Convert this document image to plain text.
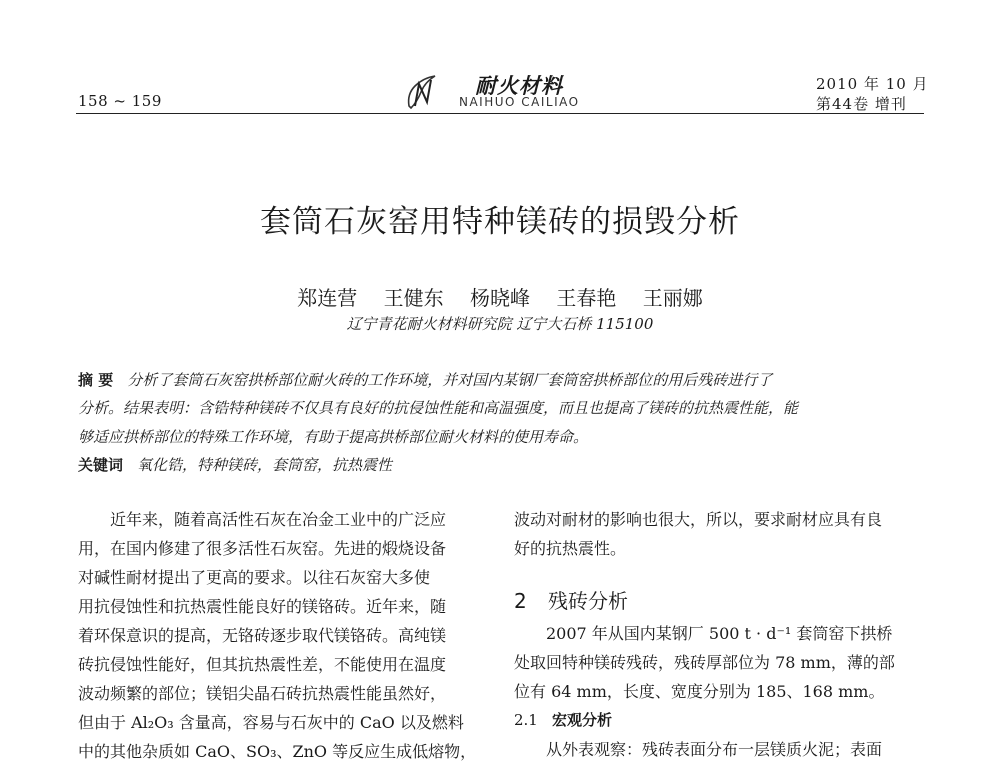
158 ~ 159
耐火材料
NAIHUO CAILIAO
2010 年 10 月
第44卷 增刊
套筒石灰窑用特种镁砖的损毁分析
郑连营 王健东 杨晓峰 王春艳 王丽娜
辽宁青花耐火材料研究院 辽宁大石桥 115100
摘 要 分析了套筒石灰窑拱桥部位耐火砖的工作环境，并对国内某钢厂套筒窑拱桥部位的用后残砖进行了
分析。结果表明：含锆特种镁砖不仅具有良好的抗侵蚀性能和高温强度，而且也提高了镁砖的抗热震性能，能
够适应拱桥部位的特殊工作环境，有助于提高拱桥部位耐火材料的使用寿命。
关键词 氧化锆，特种镁砖，套筒窑，抗热震性
近年来，随着高活性石灰在冶金工业中的广泛应
用，在国内修建了很多活性石灰窑。先进的煅烧设备
对碱性耐材提出了更高的要求。以往石灰窑大多使
用抗侵蚀性和抗热震性能良好的镁铬砖。近年来，随
着环保意识的提高，无铬砖逐步取代镁铬砖。高纯镁
砖抗侵蚀性能好，但其抗热震性差，不能使用在温度
波动频繁的部位；镁铝尖晶石砖抗热震性能虽然好，
但由于 Al₂O₃ 含量高，容易与石灰中的 CaO 以及燃料
中的其他杂质如 CaO、SO₃、ZnO 等反应生成低熔物，
波动对耐材的影响也很大，所以，要求耐材应具有良
好的抗热震性。
2 残砖分析
2007 年从国内某钢厂 500 t · d⁻¹ 套筒窑下拱桥
处取回特种镁砖残砖，残砖厚部位为 78 mm，薄的部
位有 64 mm，长度、宽度分别为 185、168 mm。
2.1 宏观分析
从外表观察：残砖表面分布一层镁质火泥；表面
